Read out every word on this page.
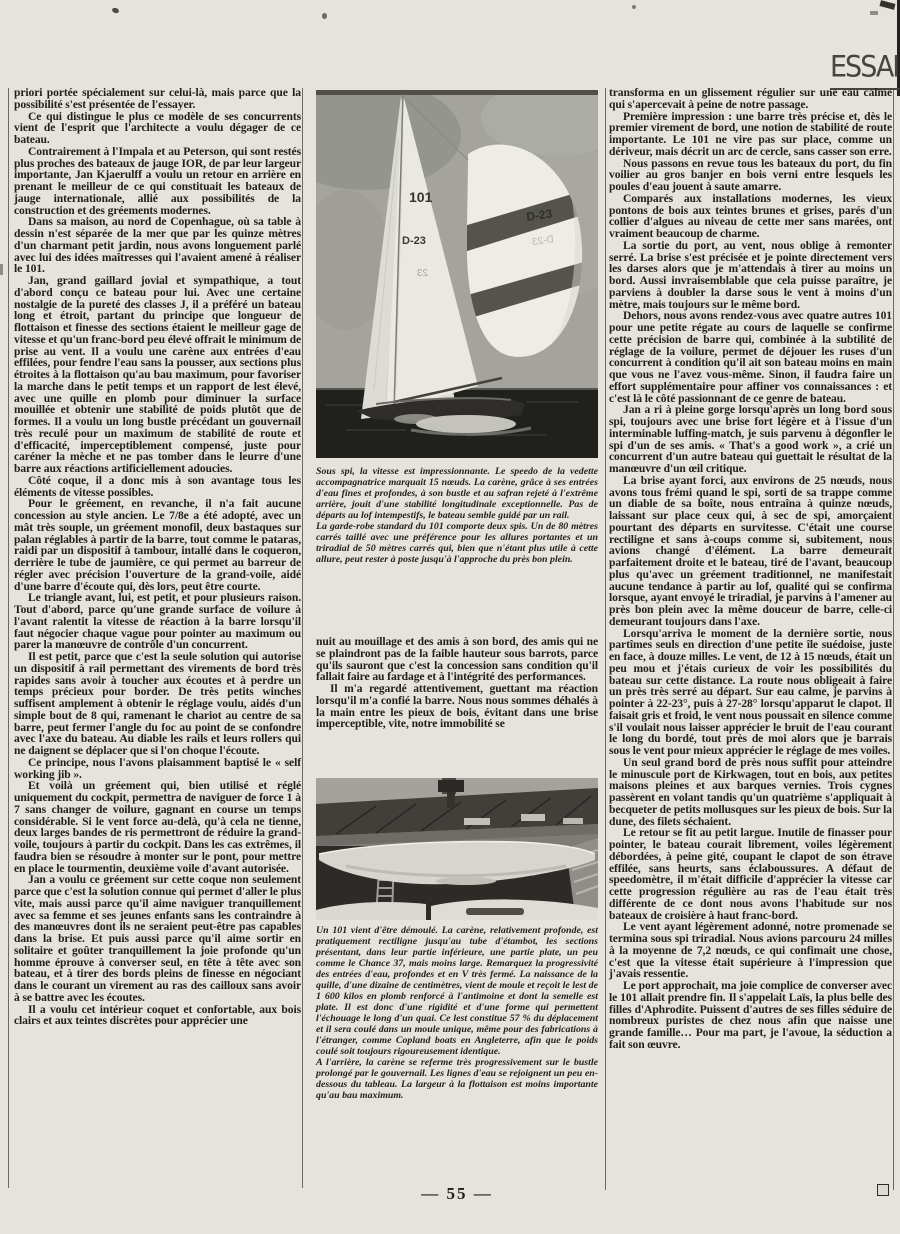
ESSAI

priori portée spécialement sur celui-là, mais parce que la possibilité s'est présentée de l'essayer.

Ce qui distingue le plus ce modèle de ses concurrents vient de l'esprit que l'architecte a voulu dégager de ce bateau.

Contrairement à l'Impala et au Peterson, qui sont restés plus proches des bateaux de jauge IOR, de par leur largeur importante, Jan Kjaerulff a voulu un retour en arrière en prenant le meilleur de ce qui constituait les bateaux de jauge internationale, allié aux possibilités de la construction et des gréements modernes.

Dans sa maison, au nord de Copenhague, où sa table à dessin n'est séparée de la mer que par les quinze mètres d'un charmant petit jardin, nous avons longuement parlé avec lui des idées maîtresses qui l'avaient amené à réaliser le 101.

Jan, grand gaillard jovial et sympathique, a tout d'abord conçu ce bateau pour lui. Avec une certaine nostalgie de la pureté des classes J, il a préféré un bateau long et étroit, partant du principe que longueur de flottaison et finesse des sections étaient le meilleur gage de vitesse et qu'un franc-bord peu élevé offrait le minimum de prise au vent. Il a voulu une carène aux entrées d'eau effilées, pour fendre l'eau sans la pousser, aux sections plus étroites à la flottaison qu'au bau maximum, pour favoriser la marche dans le petit temps et un rapport de lest élevé, avec une quille en plomb pour diminuer la surface mouillée et obtenir une stabilité de poids plutôt que de formes. Il a voulu un long bustle précédant un gouvernail très reculé pour un maximum de stabilité de route et d'efficacité, imperceptiblement compensé, juste pour caréner la mèche et ne pas tomber dans le leurre d'une barre aux réactions artificiellement adoucies.

Côté coque, il a donc mis à son avantage tous les éléments de vitesse possibles.

Pour le gréement, en revanche, il n'a fait aucune concession au style ancien. Le 7/8e a été adopté, avec un mât très souple, un gréement monofil, deux bastaques sur palan réglables à partir de la barre, tout comme le pataras, raidi par un dispositif à tambour, intallé dans le coqueron, derrière le tube de jaumière, ce qui permet au barreur de régler avec précision l'ouverture de la grand-voile, aidé d'une barre d'écoute qui, dès lors, peut être courte.

Le triangle avant, lui, est petit, et pour plusieurs raison. Tout d'abord, parce qu'une grande surface de voilure à l'avant ralentit la vitesse de réaction à la barre lorsqu'il faut négocier chaque vague pour pointer au maximum ou parer la manœuvre de contrôle d'un concurrent.

Il est petit, parce que c'est la seule solution qui autorise un dispositif à rail permettant des virements de bord très rapides sans avoir à toucher aux écoutes et à perdre un temps précieux pour border. De très petits winches suffisent amplement à obtenir le réglage voulu, aidés d'un simple bout de 8 qui, ramenant le chariot au centre de sa barre, peut fermer l'angle du foc au point de se confondre avec l'axe du bateau. Au diable les rails et leurs rollers qui ne daignent se déplacer que si l'on choque l'écoute.

Ce principe, nous l'avons plaisamment baptisé le « self working jib ».

Et voilà un gréement qui, bien utilisé et réglé uniquement du cockpit, permettra de naviguer de force 1 à 7 sans changer de voilure, gagnant en course un temps considérable. Si le vent force au-delà, qu'à cela ne tienne, deux larges bandes de ris permettront de réduire la grand-voile, toujours à partir du cockpit. Dans les cas extrêmes, il faudra bien se résoudre à monter sur le pont, pour mettre en place le tourmentin, deuxième voile d'avant autorisée.

Jan a voulu ce gréement sur cette coque non seulement parce que c'est la solution connue qui permet d'aller le plus vite, mais aussi parce qu'il aime naviguer tranquillement avec sa femme et ses jeunes enfants sans les contraindre à des manœuvres dont ils ne seraient peut-être pas capables dans la brise. Et puis aussi parce qu'il aime sortir en solitaire et goûter tranquillement la joie profonde qu'un homme éprouve à converser seul, en tête à tête avec son bateau, et à tirer des bords pleins de finesse en négociant dans le courant un virement au ras des cailloux sans avoir à se battre avec les écoutes.

Il a voulu cet intérieur coquet et confortable, aux bois clairs et aux teintes discrètes pour apprécier une

101
D-23
23
D-23
D-23
x

Sous spi, la vitesse est impressionnante. Le speedo de la vedette accompagnatrice marquait 15 nœuds. La carène, grâce à ses entrées d'eau fines et profondes, à son bustle et au safran rejeté à l'extrême arrière, jouit d'une stabilité longitudinale exceptionnelle. Pas de départs au lof intempestifs, le bateau semble guidé par un rail.

La garde-robe standard du 101 comporte deux spis. Un de 80 mètres carrés taillé avec une préférence pour les allures portantes et un triradial de 50 mètres carrés qui, bien que n'étant plus utile à cette allure, peut rester à poste jusqu'à l'approche du près bon plein.

nuit au mouillage et des amis à son bord, des amis qui ne se plaindront pas de la faible hauteur sous barrots, parce qu'ils sauront que c'est la concession sans condition qu'il fallait faire au fardage et à l'intégrité des performances.

Il m'a regardé attentivement, guettant ma réaction lorsqu'il m'a confié la barre. Nous nous sommes déhalés à la main entre les pieux de bois, évitant dans une brise imperceptible, vite, notre immobilité se

Un 101 vient d'être démoulé. La carène, relativement profonde, est pratiquement rectiligne jusqu'au tube d'étambot, les sections présentant, dans leur partie inférieure, une partie plate, un peu comme le Chance 37, mais moins large. Remarquez la progressivité des entrées d'eau, profondes et en V très fermé. La naissance de la quille, d'une dizaine de centimètres, vient de moule et reçoit le lest de 1 600 kilos en plomb renforcé à l'antimoine et dont la semelle est plate. Il est donc d'une rigidité et d'une forme qui permettent l'échouage le long d'un quai. Ce lest constitue 57 % du déplacement et il sera coulé dans un moule unique, même pour des fabrications à l'étranger, comme Copland boats en Angleterre, afin que le poids coulé soit toujours rigoureusement identique.

A l'arrière, la carène se referme très progressivement sur le bustle prolongé par le gouvernail. Les lignes d'eau se rejoignent un peu en-dessous du tableau. La largeur à la flottaison est moins importante qu'au bau maximum.

transforma en un glissement régulier sur une eau calme qui s'apercevait à peine de notre passage.

Première impression : une barre très précise et, dès le premier virement de bord, une notion de stabilité de route importante. Le 101 ne vire pas sur place, comme un dériveur, mais décrit un arc de cercle, sans casser son erre.

Nous passons en revue tous les bateaux du port, du fin voilier au gros banjer en bois verni entre lesquels les poules d'eau jouent à saute amarre.

Comparés aux installations modernes, les vieux pontons de bois aux teintes brunes et grises, parés d'un collier d'algues au niveau de cette mer sans marées, ont vraiment beaucoup de charme.

La sortie du port, au vent, nous oblige à remonter serré. La brise s'est précisée et je pointe directement vers les darses alors que je m'attendais à tirer au moins un bord. Aussi invraisemblable que cela puisse paraître, je parviens à doubler la darse sous le vent à moins d'un mètre, mais toujours sur le même bord.

Dehors, nous avons rendez-vous avec quatre autres 101 pour une petite régate au cours de laquelle se confirme cette précision de barre qui, combinée à la subtilité de réglage de la voilure, permet de déjouer les ruses d'un concurrent à condition qu'il ait son bateau moins en main que vous ne l'avez vous-même. Sinon, il faudra faire un effort supplémentaire pour affiner vos connaissances : et c'est là le côté passionnant de ce genre de bateau.

Jan a ri à pleine gorge lorsqu'après un long bord sous spi, toujours avec une brise fort légère et à l'issue d'un interminable luffing-match, je suis parvenu à dégonfler le spi d'un de ses amis. « That's a good work », a crié un concurrent d'un autre bateau qui guettait le résultat de la manœuvre d'un œil critique.

La brise ayant forci, aux environs de 25 nœuds, nous avons tous frémi quand le spi, sorti de sa trappe comme un diable de sa boîte, nous entraîna à quinze nœuds, laissant sur place ceux qui, à sec de spi, amorçaient pourtant des départs en survitesse. C'était une course rectiligne et sans à-coups comme si, subitement, nous avions changé d'élément. La barre demeurait parfaitement droite et le bateau, tiré de l'avant, beaucoup plus qu'avec un gréement traditionnel, ne manifestait aucune tendance à partir au lof, qualité qui se confirma lorsque, ayant envoyé le triradial, je parvins à l'amener au près bon plein avec la même douceur de barre, celle-ci demeurant toujours dans l'axe.

Lorsqu'arriva le moment de la dernière sortie, nous partîmes seuls en direction d'une petite île suédoise, juste en face, à douze milles. Le vent, de 12 à 15 nœuds, était un peu mou et j'étais curieux de voir les possibilités du bateau sur cette distance. La route nous obligeait à faire un près très serré au départ. Sur eau calme, je parvins à pointer à 22-23°, puis à 27-28° lorsqu'apparut le clapot. Il faisait gris et froid, le vent nous poussait en silence comme s'il voulait nous laisser apprécier le bruit de l'eau courant le long du bordé, tout près de moi alors que je barrais sous le vent pour mieux apprécier le réglage de mes voiles.

Un seul grand bord de près nous suffit pour atteindre le minuscule port de Kirkwagen, tout en bois, aux petites maisons pleines et aux barques vernies. Trois cygnes passèrent en volant tandis qu'un quatrième s'appliquait à becqueter de petits mollusques sur les pieux de bois. Sur la dune, des filets séchaient.

Le retour se fit au petit largue. Inutile de finasser pour pointer, le bateau courait librement, voiles légèrement débordées, à peine gité, coupant le clapot de son étrave effilée, sans heurts, sans éclaboussures. A défaut de speedomètre, il m'était difficile d'apprécier la vitesse car cette progression régulière au ras de l'eau était très différente de ce dont nous avons l'habitude sur nos bateaux de croisière à haut franc-bord.

Le vent ayant légèrement adonné, notre promenade se termina sous spi triradial. Nous avions parcouru 24 milles à la moyenne de 7,2 nœuds, ce qui confimait une chose, c'est que la vitesse était supérieure à l'impression que j'avais ressentie.

Le port approchait, ma joie complice de converser avec le 101 allait prendre fin. Il s'appelait Laïs, la plus belle des filles d'Aphrodite. Puissent d'autres de ses filles séduire de nombreux puristes de chez nous afin que naisse une grande famille… Pour ma part, je l'avoue, la séduction a fait son œuvre.

— 55 —
